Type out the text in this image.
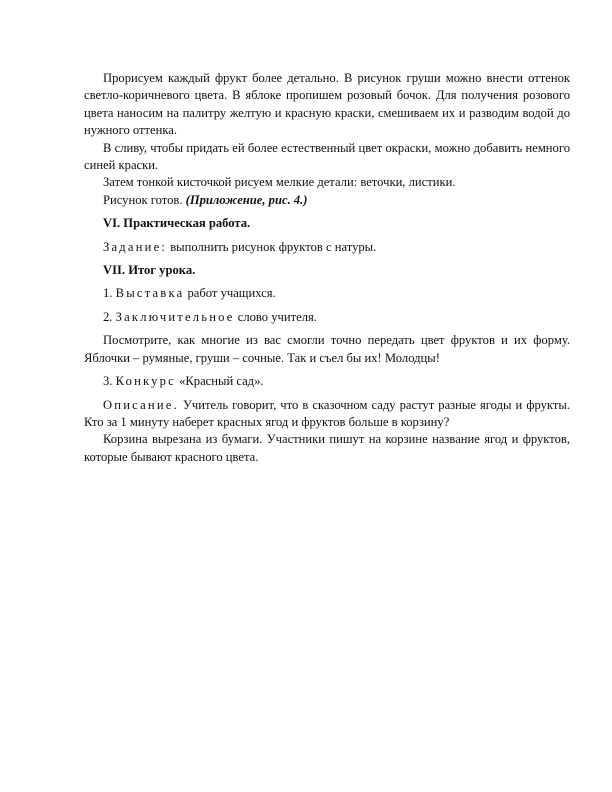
Прорисуем каждый фрукт более детально. В рисунок груши можно внести оттенок светло-коричневого цвета. В яблоке пропишем розовый бочок. Для получения розового цвета наносим на палитру желтую и красную краски, смешиваем их и разводим водой до нужного оттенка.

В сливу, чтобы придать ей более естественный цвет окраски, можно добавить немного синей краски.

Затем тонкой кисточкой рисуем мелкие детали: веточки, листики.

Рисунок готов. (Приложение, рис. 4.)

VI. Практическая работа.

Задание: выполнить рисунок фруктов с натуры.

VII. Итог урока.

1. Выставка работ учащихся.

2. Заключительное слово учителя.

Посмотрите, как многие из вас смогли точно передать цвет фруктов и их форму. Яблочки – румяные, груши – сочные. Так и съел бы их! Молодцы!

3. Конкурс «Красный сад».

Описание. Учитель говорит, что в сказочном саду растут разные ягоды и фрукты. Кто за 1 минуту наберет красных ягод и фруктов больше в корзину?

Корзина вырезана из бумаги. Участники пишут на корзине название ягод и фруктов, которые бывают красного цвета.
